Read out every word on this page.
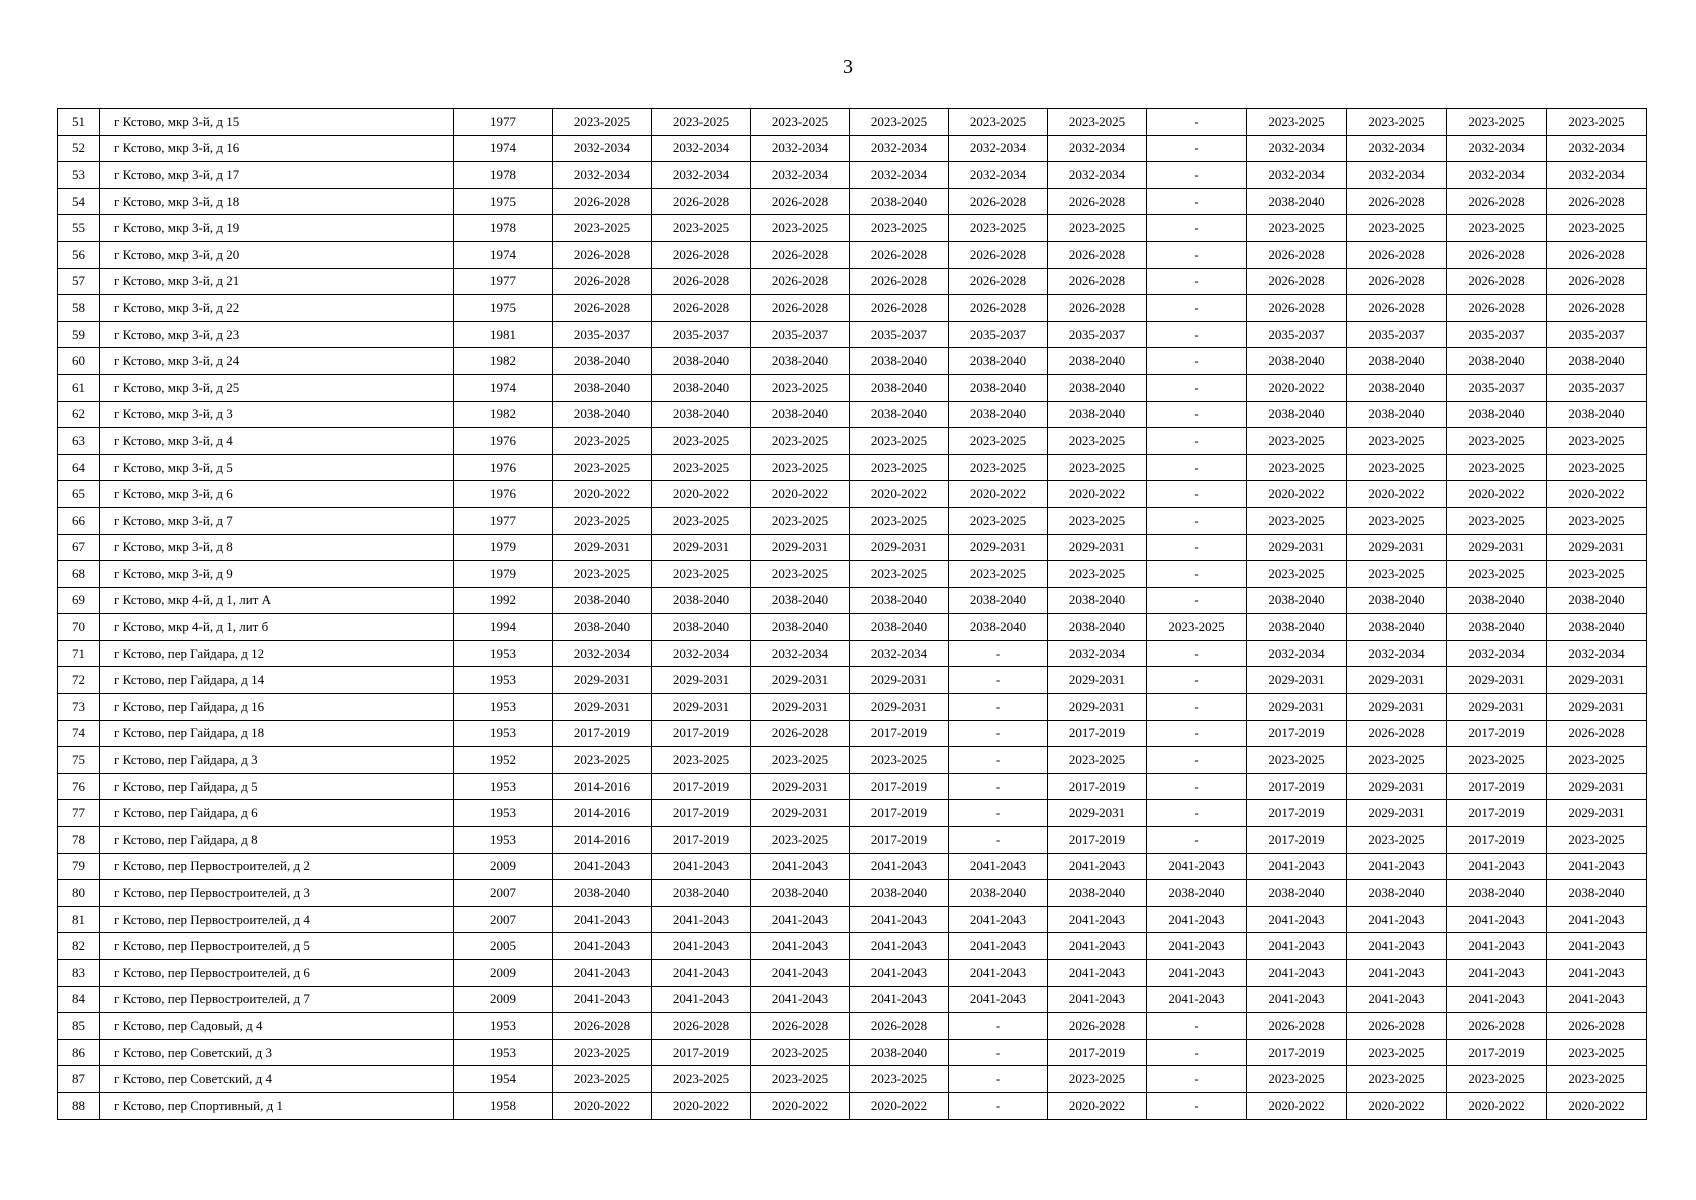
3
51	г Кстово, мкр 3-й, д 15	1977	2023-2025	2023-2025	2023-2025	2023-2025	2023-2025	2023-2025	-	2023-2025	2023-2025	2023-2025	2023-2025
52	г Кстово, мкр 3-й, д 16	1974	2032-2034	2032-2034	2032-2034	2032-2034	2032-2034	2032-2034	-	2032-2034	2032-2034	2032-2034	2032-2034
53	г Кстово, мкр 3-й, д 17	1978	2032-2034	2032-2034	2032-2034	2032-2034	2032-2034	2032-2034	-	2032-2034	2032-2034	2032-2034	2032-2034
54	г Кстово, мкр 3-й, д 18	1975	2026-2028	2026-2028	2026-2028	2038-2040	2026-2028	2026-2028	-	2038-2040	2026-2028	2026-2028	2026-2028
55	г Кстово, мкр 3-й, д 19	1978	2023-2025	2023-2025	2023-2025	2023-2025	2023-2025	2023-2025	-	2023-2025	2023-2025	2023-2025	2023-2025
56	г Кстово, мкр 3-й, д 20	1974	2026-2028	2026-2028	2026-2028	2026-2028	2026-2028	2026-2028	-	2026-2028	2026-2028	2026-2028	2026-2028
57	г Кстово, мкр 3-й, д 21	1977	2026-2028	2026-2028	2026-2028	2026-2028	2026-2028	2026-2028	-	2026-2028	2026-2028	2026-2028	2026-2028
58	г Кстово, мкр 3-й, д 22	1975	2026-2028	2026-2028	2026-2028	2026-2028	2026-2028	2026-2028	-	2026-2028	2026-2028	2026-2028	2026-2028
59	г Кстово, мкр 3-й, д 23	1981	2035-2037	2035-2037	2035-2037	2035-2037	2035-2037	2035-2037	-	2035-2037	2035-2037	2035-2037	2035-2037
60	г Кстово, мкр 3-й, д 24	1982	2038-2040	2038-2040	2038-2040	2038-2040	2038-2040	2038-2040	-	2038-2040	2038-2040	2038-2040	2038-2040
61	г Кстово, мкр 3-й, д 25	1974	2038-2040	2038-2040	2023-2025	2038-2040	2038-2040	2038-2040	-	2020-2022	2038-2040	2035-2037	2035-2037
62	г Кстово, мкр 3-й, д 3	1982	2038-2040	2038-2040	2038-2040	2038-2040	2038-2040	2038-2040	-	2038-2040	2038-2040	2038-2040	2038-2040
63	г Кстово, мкр 3-й, д 4	1976	2023-2025	2023-2025	2023-2025	2023-2025	2023-2025	2023-2025	-	2023-2025	2023-2025	2023-2025	2023-2025
64	г Кстово, мкр 3-й, д 5	1976	2023-2025	2023-2025	2023-2025	2023-2025	2023-2025	2023-2025	-	2023-2025	2023-2025	2023-2025	2023-2025
65	г Кстово, мкр 3-й, д 6	1976	2020-2022	2020-2022	2020-2022	2020-2022	2020-2022	2020-2022	-	2020-2022	2020-2022	2020-2022	2020-2022
66	г Кстово, мкр 3-й, д 7	1977	2023-2025	2023-2025	2023-2025	2023-2025	2023-2025	2023-2025	-	2023-2025	2023-2025	2023-2025	2023-2025
67	г Кстово, мкр 3-й, д 8	1979	2029-2031	2029-2031	2029-2031	2029-2031	2029-2031	2029-2031	-	2029-2031	2029-2031	2029-2031	2029-2031
68	г Кстово, мкр 3-й, д 9	1979	2023-2025	2023-2025	2023-2025	2023-2025	2023-2025	2023-2025	-	2023-2025	2023-2025	2023-2025	2023-2025
69	г Кстово, мкр 4-й, д 1, лит А	1992	2038-2040	2038-2040	2038-2040	2038-2040	2038-2040	2038-2040	-	2038-2040	2038-2040	2038-2040	2038-2040
70	г Кстово, мкр 4-й, д 1, лит б	1994	2038-2040	2038-2040	2038-2040	2038-2040	2038-2040	2038-2040	2023-2025	2038-2040	2038-2040	2038-2040	2038-2040
71	г Кстово, пер Гайдара, д 12	1953	2032-2034	2032-2034	2032-2034	2032-2034	-	2032-2034	-	2032-2034	2032-2034	2032-2034	2032-2034
72	г Кстово, пер Гайдара, д 14	1953	2029-2031	2029-2031	2029-2031	2029-2031	-	2029-2031	-	2029-2031	2029-2031	2029-2031	2029-2031
73	г Кстово, пер Гайдара, д 16	1953	2029-2031	2029-2031	2029-2031	2029-2031	-	2029-2031	-	2029-2031	2029-2031	2029-2031	2029-2031
74	г Кстово, пер Гайдара, д 18	1953	2017-2019	2017-2019	2026-2028	2017-2019	-	2017-2019	-	2017-2019	2026-2028	2017-2019	2026-2028
75	г Кстово, пер Гайдара, д 3	1952	2023-2025	2023-2025	2023-2025	2023-2025	-	2023-2025	-	2023-2025	2023-2025	2023-2025	2023-2025
76	г Кстово, пер Гайдара, д 5	1953	2014-2016	2017-2019	2029-2031	2017-2019	-	2017-2019	-	2017-2019	2029-2031	2017-2019	2029-2031
77	г Кстово, пер Гайдара, д 6	1953	2014-2016	2017-2019	2029-2031	2017-2019	-	2029-2031	-	2017-2019	2029-2031	2017-2019	2029-2031
78	г Кстово, пер Гайдара, д 8	1953	2014-2016	2017-2019	2023-2025	2017-2019	-	2017-2019	-	2017-2019	2023-2025	2017-2019	2023-2025
79	г Кстово, пер Первостроителей, д 2	2009	2041-2043	2041-2043	2041-2043	2041-2043	2041-2043	2041-2043	2041-2043	2041-2043	2041-2043	2041-2043	2041-2043
80	г Кстово, пер Первостроителей, д 3	2007	2038-2040	2038-2040	2038-2040	2038-2040	2038-2040	2038-2040	2038-2040	2038-2040	2038-2040	2038-2040	2038-2040
81	г Кстово, пер Первостроителей, д 4	2007	2041-2043	2041-2043	2041-2043	2041-2043	2041-2043	2041-2043	2041-2043	2041-2043	2041-2043	2041-2043	2041-2043
82	г Кстово, пер Первостроителей, д 5	2005	2041-2043	2041-2043	2041-2043	2041-2043	2041-2043	2041-2043	2041-2043	2041-2043	2041-2043	2041-2043	2041-2043
83	г Кстово, пер Первостроителей, д 6	2009	2041-2043	2041-2043	2041-2043	2041-2043	2041-2043	2041-2043	2041-2043	2041-2043	2041-2043	2041-2043	2041-2043
84	г Кстово, пер Первостроителей, д 7	2009	2041-2043	2041-2043	2041-2043	2041-2043	2041-2043	2041-2043	2041-2043	2041-2043	2041-2043	2041-2043	2041-2043
85	г Кстово, пер Садовый, д 4	1953	2026-2028	2026-2028	2026-2028	2026-2028	-	2026-2028	-	2026-2028	2026-2028	2026-2028	2026-2028
86	г Кстово, пер Советский, д 3	1953	2023-2025	2017-2019	2023-2025	2038-2040	-	2017-2019	-	2017-2019	2023-2025	2017-2019	2023-2025
87	г Кстово, пер Советский, д 4	1954	2023-2025	2023-2025	2023-2025	2023-2025	-	2023-2025	-	2023-2025	2023-2025	2023-2025	2023-2025
88	г Кстово, пер Спортивный, д 1	1958	2020-2022	2020-2022	2020-2022	2020-2022	-	2020-2022	-	2020-2022	2020-2022	2020-2022	2020-2022
